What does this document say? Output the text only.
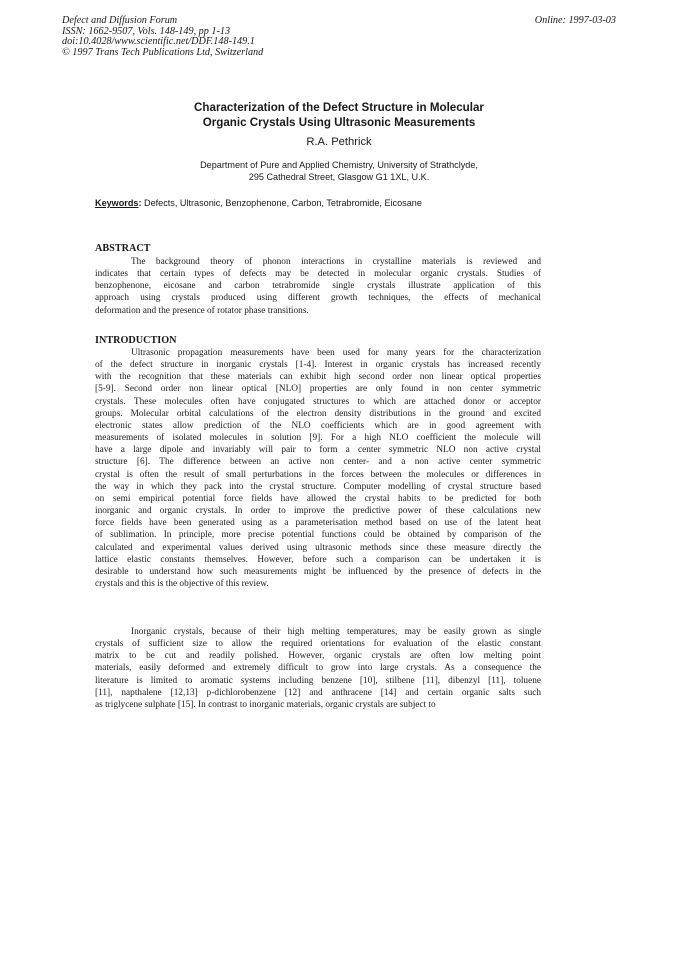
Defect and Diffusion Forum
ISSN: 1662-9507, Vols. 148-149, pp 1-13
doi:10.4028/www.scientific.net/DDF.148-149.1
© 1997 Trans Tech Publications Ltd, Switzerland
Online: 1997-03-03
Characterization of the Defect Structure in Molecular
Organic Crystals Using Ultrasonic Measurements
R.A. Pethrick
Department of Pure and Applied Chemistry, University of Strathclyde,
295 Cathedral Street, Glasgow G1 1XL, U.K.
Keywords: Defects, Ultrasonic, Benzophenone, Carbon, Tetrabromide, Eicosane
ABSTRACT
The background theory of phonon interactions in crystalline materials is reviewed and
indicates that certain types of defects may be detected in molecular organic crystals. Studies of
benzophenone, eicosane and carbon tetrabromide single crystals illustrate application of this
approach using crystals produced using different growth techniques, the effects of mechanical
deformation and the presence of rotator phase transitions.
INTRODUCTION
Ultrasonic propagation measurements have been used for many years for the characterization
of the defect structure in inorganic crystals [1-4]. Interest in organic crystals has increased recently
with the recognition that these materials can exhibit high second order non linear optical properties
[5-9]. Second order non linear optical [NLO] properties are only found in non center symmetric
crystals. These molecules often have conjugated structures to which are attached donor or acceptor
groups. Molecular orbital calculations of the electron density distributions in the ground and excited
electronic states allow prediction of the NLO coefficients which are in good agreement with
measurements of isolated molecules in solution [9]. For a high NLO coefficient the molecule will
have a large dipole and invariably will pair to form a center symmetric NLO non active crystal
structure [6]. The difference between an active non center- and a non active center symmetric
crystal is often the result of small perturbations in the forces between the molecules or differences in
the way in which they pack into the crystal structure. Computer modelling of crystal structure based
on semi empirical potential force fields have allowed the crystal habits to be predicted for both
inorganic and organic crystals. In order to improve the predictive power of these calculations new
force fields have been generated using as a parameterisation method based on use of the latent heat
of sublimation. In principle, more precise potential functions could be obtained by comparison of the
calculated and experimental values derived using ultrasonic methods since these measure directly the
lattice elastic constants themselves. However, before such a comparison can be undertaken it is
desirable to understand how such measurements might be influenced by the presence of defects in the
crystals and this is the objective of this review.
Inorganic crystals, because of their high melting temperatures, may be easily grown as single
crystals of sufficient size to allow the required orientations for evaluation of the elastic constant
matrix to be cut and readily polished. However, organic crystals are often low melting point
materials, easily deformed and extremely difficult to grow into large crystals. As a consequence the
literature is limited to aromatic systems including benzene [10], stilbene [11], dibenzyl [11], toluene
[11], napthalene [12,13] p-dichlorobenzene [12] and anthracene [14] and certain organic salts such
as triglycene sulphate [15]. In contrast to inorganic materials, organic crystals are subject to
